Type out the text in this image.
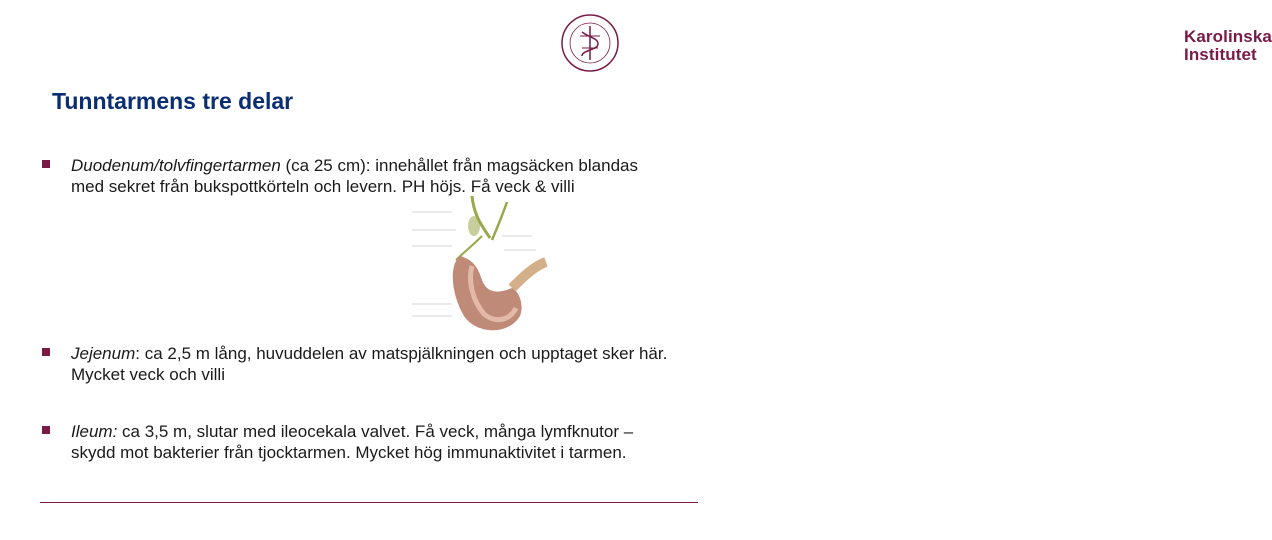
Karolinska
Institutet
Tunntarmens tre delar
Duodenum/tolvfingertarmen (ca 25 cm): innehållet från magsäcken blandas med sekret från bukspottkörteln och levern. PH höjs. Få veck & villi
Jejenum: ca 2,5 m lång, huvuddelen av matspjälkningen och upptaget sker här. Mycket veck och villi
Ileum: ca 3,5 m, slutar med ileocekala valvet. Få veck, många lymfknutor – skydd mot bakterier från tjocktarmen. Mycket hög immunaktivitet i tarmen.
